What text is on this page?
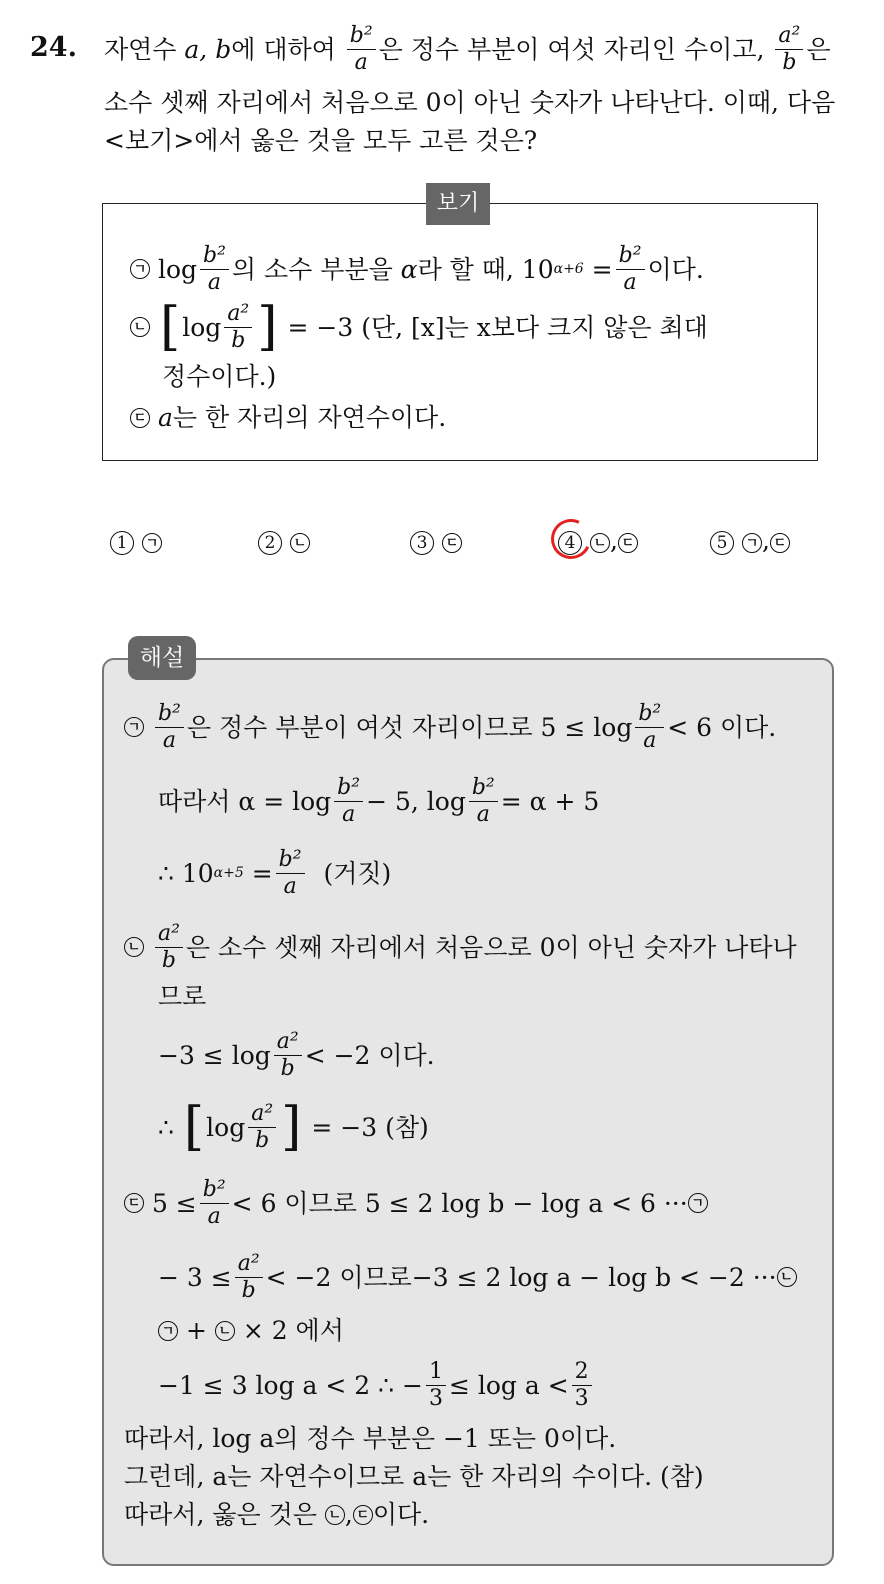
24. 자연수
a, b 에 대하여
$\frac{\text{b²}}{a}$ 은 정수 부분이 여섯 자리인 수이고,
$\frac{\text{a²}}{b}$ 은
소수 셋째 자리에서 처음으로 0이 아닌 숫자가 나타난다. 이때, 다음
<보기>에서 옳은 것을 모두 고른 것은?
보기
ㄱ
$\log \frac{\text{b²}}{a}$ 의 소수 부분을
α 라 할 때, 10 α+6
= $\frac{\text{b²}}{a}$ 이다.
ㄴ
[ $\log \frac{\text{a²}}{b}$ ]
= −3 (단, [x]는 x보다 크지 않은 최대
정수이다.)
ㄷ
a 는 한 자리의 자연수이다.
1 ㄱ	2 ㄴ	3 ㄷ	4 ㄴ , ㄷ	5 ㄱ , ㄷ
해설
ㄱ
$\frac{\text{b²}}{a}$ 은 정수 부분이 여섯 자리이므로 $5 \le \log \frac{\text{b²}}{a} < 6$ 이다.
따라서 $\alpha = \log \frac{\text{b²}}{a} - 5$, $\log \frac{\text{b²}}{a} = \alpha + 5$
∴ 10 α+5
= $\frac{\text{b²}}{a}$
(거짓)
ㄴ
$\frac{\text{a²}}{b}$ 은 소수 셋째 자리에서 처음으로 0이 아닌 숫자가 나타나
므로
$-3 \le \log \frac{\text{a²}}{b} < -2$ 이다.
∴
[ $\log \frac{\text{a²}}{b}$ ]
= −3 (참)
ㄷ
$5 \le \frac{\text{b²}}{a} < 6$ 이므로 5 ≤ 2 log b − log a < 6 ··· ㄱ
− $3 \le \frac{\text{a²}}{b} < -2$ 이므로−3 ≤ 2 log a − log b < −2 ··· ㄴ
ㄱ
+
ㄴ
× 2 에서
−1 ≤ 3 log a < 2 ∴ − $\frac{1}{3} \le \log a < \frac{2}{3}$
따라서, log a의 정수 부분은 −1 또는 0이다.
그런데, a는 자연수이므로 a는 한 자리의 수이다. (참)
따라서, 옳은 것은
ㄴ , ㄷ 이다.
